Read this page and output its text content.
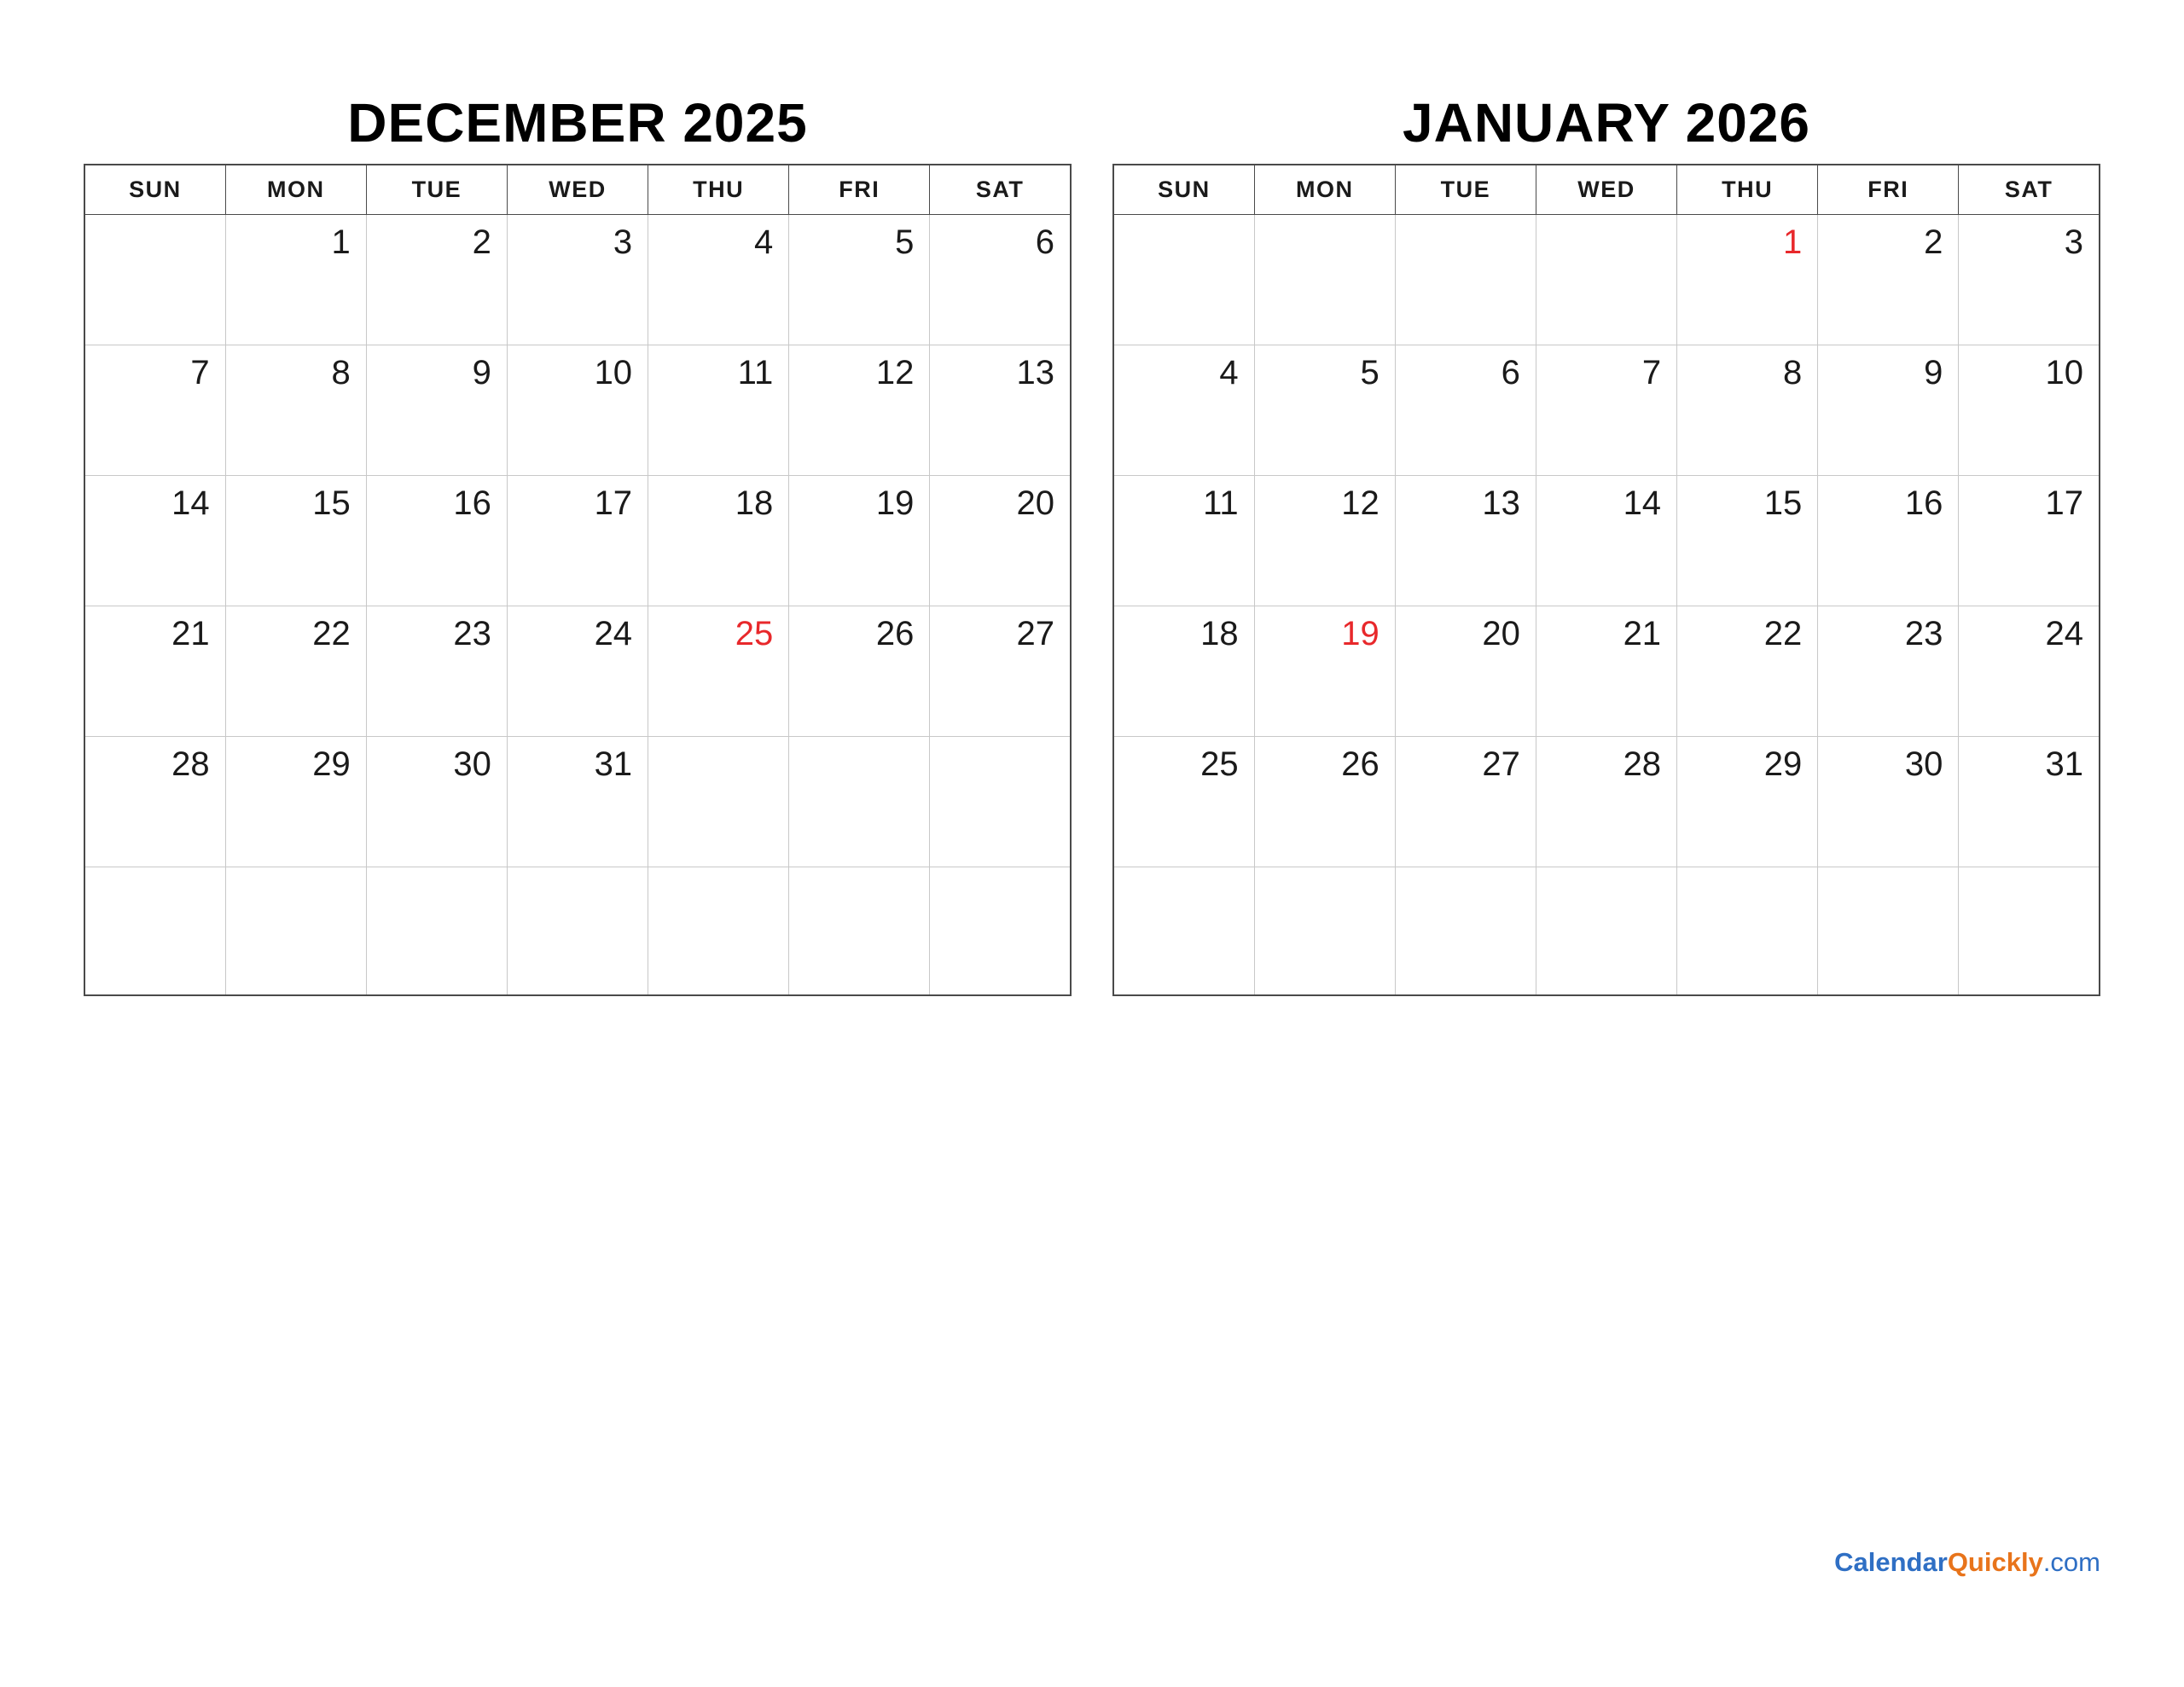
DECEMBER 2025
SUN	MON	TUE	WED	THU	FRI	SAT
	1	2	3	4	5	6
7	8	9	10	11	12	13
14	15	16	17	18	19	20
21	22	23	24	25	26	27
28	29	30	31			

JANUARY 2026
SUN	MON	TUE	WED	THU	FRI	SAT
				1	2	3
4	5	6	7	8	9	10
11	12	13	14	15	16	17
18	19	20	21	22	23	24
25	26	27	28	29	30	31

CalendarQuickly.com
